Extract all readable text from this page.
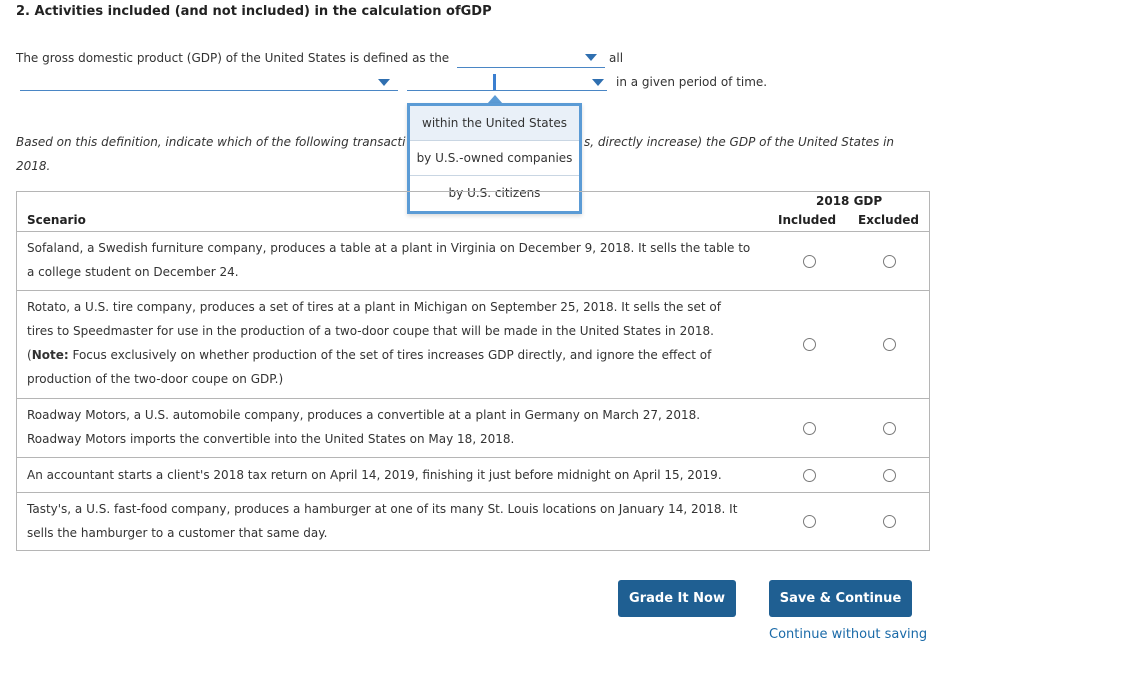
2. Activities included (and not included) in the calculation ofGDP
The gross domestic product (GDP) of the United States is defined as the	all
in a given period of time.
Based on this definition, indicate which of the following transacti	s, directly increase) the GDP of the United States in
2018.
within the United States
by U.S.-owned companies
by U.S. citizens
2018 GDP
Scenario	Included Excluded
Sofaland, a Swedish furniture company, produces a table at a plant in Virginia on December 9, 2018. It sells the table to
a college student on December 24.
Rotato, a U.S. tire company, produces a set of tires at a plant in Michigan on September 25, 2018. It sells the set of
tires to Speedmaster for use in the production of a two-door coupe that will be made in the United States in 2018.
(Note: Focus exclusively on whether production of the set of tires increases GDP directly, and ignore the effect of
production of the two-door coupe on GDP.)
Roadway Motors, a U.S. automobile company, produces a convertible at a plant in Germany on March 27, 2018.
Roadway Motors imports the convertible into the United States on May 18, 2018.
An accountant starts a client's 2018 tax return on April 14, 2019, finishing it just before midnight on April 15, 2019.
Tasty's, a U.S. fast-food company, produces a hamburger at one of its many St. Louis locations on January 14, 2018. It
sells the hamburger to a customer that same day.
Grade It Now	Save & Continue
Continue without saving
